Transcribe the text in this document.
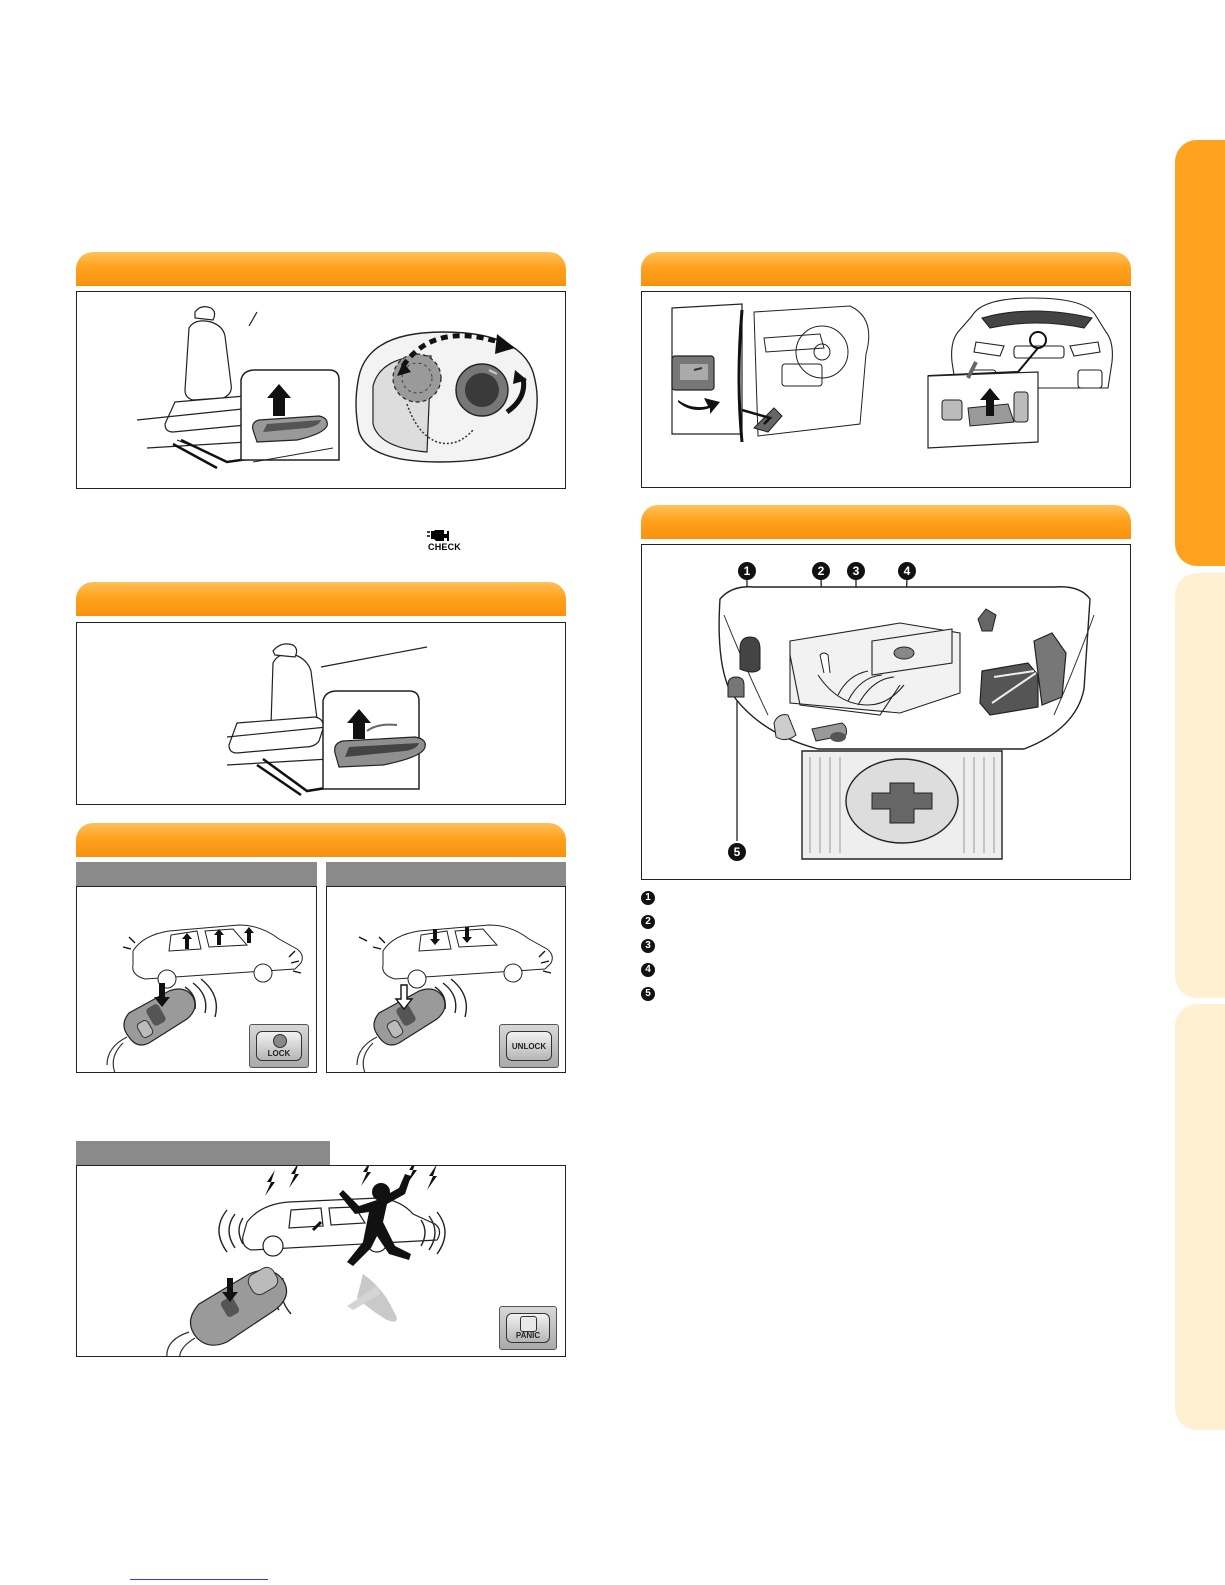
CHECK
LOCK
UNLOCK
PANIC
1	2	3	4
5
1
2
3
4
5
